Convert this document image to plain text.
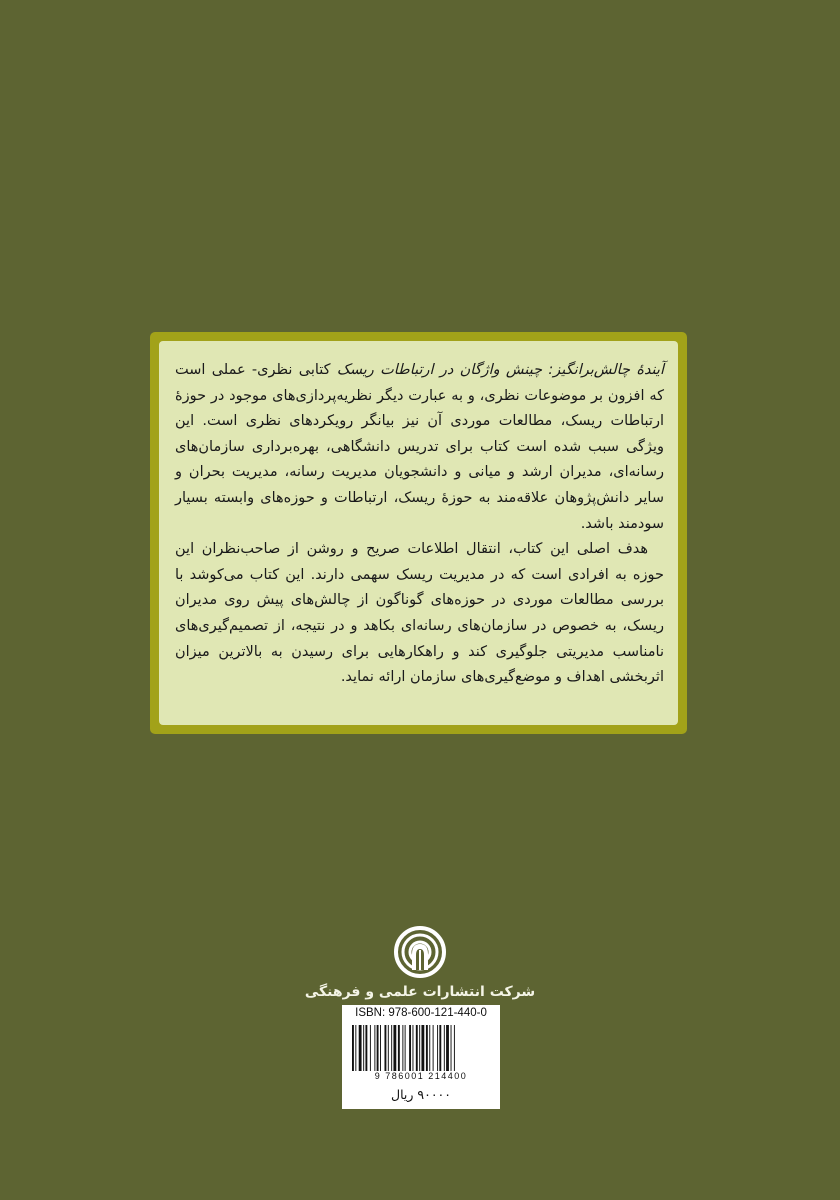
آیندۀ چالش‌برانگیز: چینش واژگان در ارتباطات ریسک کتابی نظری- عملی است که افزون بر موضوعات نظری، و به عبارت دیگر نظریه‌پردازی‌های موجود در حوزۀ ارتباطات ریسک، مطالعات موردی آن نیز بیانگر رویکردهای نظری است. این ویژگی سبب شده است کتاب برای تدریس دانشگاهی، بهره‌برداری سازمان‌های رسانه‌ای، مدیران ارشد و میانی و دانشجویان مدیریت رسانه، مدیریت بحران و سایر دانش‌پژوهان علاقه‌مند به حوزۀ ریسک، ارتباطات و حوزه‌های وابسته بسیار سودمند باشد.

هدف اصلی این کتاب، انتقال اطلاعات صریح و روشن از صاحب‌نظران این حوزه به افرادی است که در مدیریت ریسک سهمی دارند. این کتاب می‌کوشد با بررسی مطالعات موردی در حوزه‌های گوناگون از چالش‌های پیش روی مدیران ریسک، به خصوص در سازمان‌های رسانه‌ای بکاهد و در نتیجه، از تصمیم‌گیری‌های نامناسب مدیریتی جلوگیری کند و راهکارهایی برای رسیدن به بالاترین میزان اثربخشی اهداف و موضع‌گیری‌های سازمان ارائه نماید.

شرکت انتشارات علمی و فرهنگی
ISBN: 978-600-121-440-0
9 786001 214400
۹۰۰۰۰ ریال
